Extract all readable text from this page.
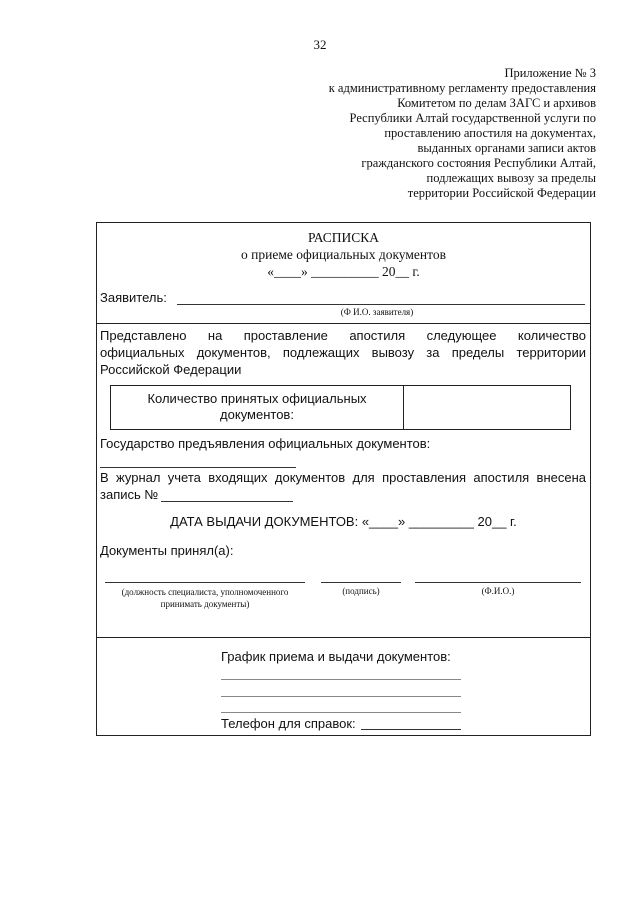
32
Приложение № 3
к административному регламенту предоставления
Комитетом по делам ЗАГС и архивов
Республики Алтай государственной услуги по
проставлению апостиля на документах,
выданных органами записи актов
гражданского состояния Республики Алтай,
подлежащих вывозу за пределы
территории Российской Федерации
РАСПИСКА
о приеме официальных документов
«____» __________ 20__ г.
Заявитель:
(Ф И.О. заявителя)
Представлено на проставление апостиля следующее количество
официальных документов, подлежащих вывозу за пределы территории
Российской Федерации
Количество принятых официальных
документов:
Государство предъявления официальных документов:
В журнал учета входящих документов для проставления апостиля внесена
запись №
ДАТА ВЫДАЧИ ДОКУМЕНТОВ: «____» _________ 20__ г.
Документы принял(а):
(должность специалиста, уполномоченного
принимать документы)
(подпись)	(Ф.И.О.)
График приема и выдачи документов:
Телефон для справок:
